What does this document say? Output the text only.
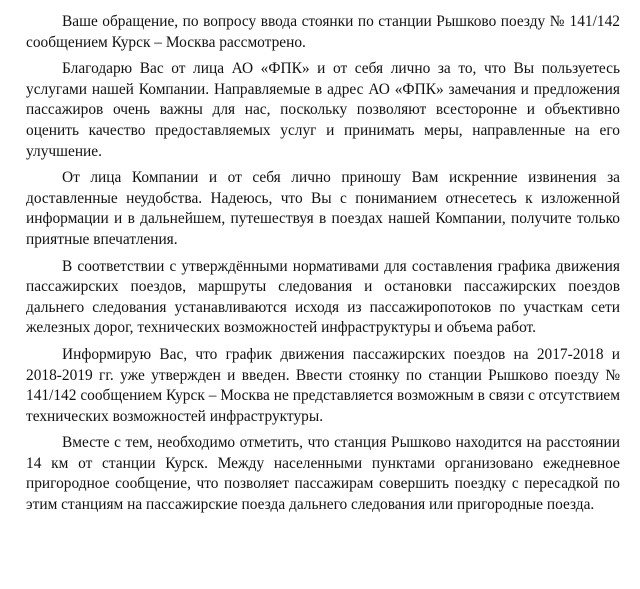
Ваше обращение, по вопросу ввода стоянки по станции Рышково поезду № 141/142 сообщением Курск – Москва рассмотрено.

Благодарю Вас от лица АО «ФПК» и от себя лично за то, что Вы пользуетесь услугами нашей Компании. Направляемые в адрес АО «ФПК» замечания и предложения пассажиров очень важны для нас, поскольку позволяют всесторонне и объективно оценить качество предоставляемых услуг и принимать меры, направленные на его улучшение.

От лица Компании и от себя лично приношу Вам искренние извинения за доставленные неудобства. Надеюсь, что Вы с пониманием отнесетесь к изложенной информации и в дальнейшем, путешествуя в поездах нашей Компании, получите только приятные впечатления.

В соответствии с утверждёнными нормативами для составления графика движения пассажирских поездов, маршруты следования и остановки пассажирских поездов дальнего следования устанавливаются исходя из пассажиропотоков по участкам сети железных дорог, технических возможностей инфраструктуры и объема работ.

Информирую Вас, что график движения пассажирских поездов на 2017-2018 и 2018-2019 гг. уже утвержден и введен. Ввести стоянку по станции Рышково поезду № 141/142 сообщением Курск – Москва не представляется возможным в связи с отсутствием технических возможностей инфраструктуры.

Вместе с тем, необходимо отметить, что станция Рышково находится на расстоянии 14 км от станции Курск. Между населенными пунктами организовано ежедневное пригородное сообщение, что позволяет пассажирам совершить поездку с пересадкой по этим станциям на пассажирские поезда дальнего следования или пригородные поезда.
